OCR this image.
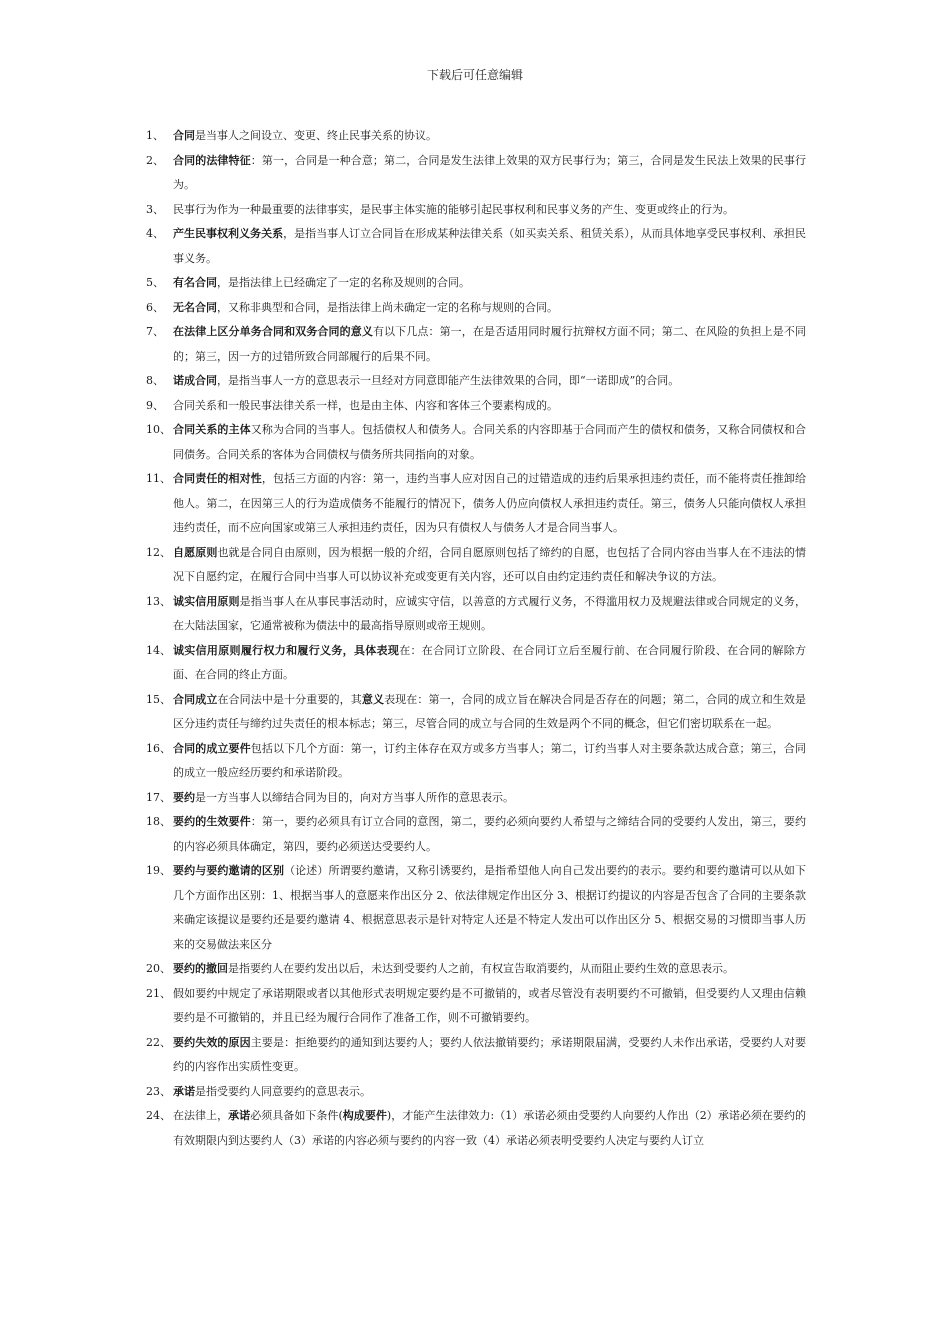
下载后可任意编辑
1、 合同是当事人之间设立、变更、终止民事关系的协议。
2、 合同的法律特征：第一，合同是一种合意；第二，合同是发生法律上效果的双方民事行为；第三，合同是发生民法上效果的民事行为。
3、 民事行为作为一种最重要的法律事实，是民事主体实施的能够引起民事权利和民事义务的产生、变更或终止的行为。
4、 产生民事权利义务关系，是指当事人订立合同旨在形成某种法律关系（如买卖关系、租赁关系），从而具体地享受民事权利、承担民事义务。
5、 有名合同，是指法律上已经确定了一定的名称及规则的合同。
6、 无名合同，又称非典型和合同，是指法律上尚未确定一定的名称与规则的合同。
7、 在法律上区分单务合同和双务合同的意义有以下几点：第一，在是否适用同时履行抗辩权方面不同；第二、在风险的负担上是不同的；第三，因一方的过错所致合同部履行的后果不同。
8、 诺成合同，是指当事人一方的意思表示一旦经对方同意即能产生法律效果的合同，即“一诺即成”的合同。
9、 合同关系和一般民事法律关系一样，也是由主体、内容和客体三个要素构成的。
10、 合同关系的主体又称为合同的当事人。包括债权人和债务人。合同关系的内容即基于合同而产生的债权和债务，又称合同债权和合同债务。合同关系的客体为合同债权与债务所共同指向的对象。
11、 合同责任的相对性，包括三方面的内容：第一，违约当事人应对因自己的过错造成的违约后果承担违约责任，而不能将责任推卸给他人。第二，在因第三人的行为造成债务不能履行的情况下，债务人仍应向债权人承担违约责任。第三，债务人只能向债权人承担违约责任，而不应向国家或第三人承担违约责任，因为只有债权人与债务人才是合同当事人。
12、 自愿原则也就是合同自由原则，因为根据一般的介绍，合同自愿原则包括了缔约的自愿，也包括了合同内容由当事人在不违法的情况下自愿约定，在履行合同中当事人可以协议补充或变更有关内容，还可以自由约定违约责任和解决争议的方法。
13、 诚实信用原则是指当事人在从事民事活动时，应诚实守信，以善意的方式履行义务，不得滥用权力及规避法律或合同规定的义务，在大陆法国家，它通常被称为债法中的最高指导原则或帝王规则。
14、 诚实信用原则履行权力和履行义务，具体表现在：在合同订立阶段、在合同订立后至履行前、在合同履行阶段、在合同的解除方面、在合同的终止方面。
15、 合同成立在合同法中是十分重要的，其意义表现在：第一，合同的成立旨在解决合同是否存在的问题；第二，合同的成立和生效是区分违约责任与缔约过失责任的根本标志；第三，尽管合同的成立与合同的生效是两个不同的概念，但它们密切联系在一起。
16、 合同的成立要件包括以下几个方面：第一，订约主体存在双方或多方当事人；第二，订约当事人对主要条款达成合意；第三，合同的成立一般应经历要约和承诺阶段。
17、 要约是一方当事人以缔结合同为目的，向对方当事人所作的意思表示。
18、 要约的生效要件：第一，要约必须具有订立合同的意图，第二，要约必须向要约人希望与之缔结合同的受要约人发出，第三，要约的内容必须具体确定，第四，要约必须送达受要约人。
19、 要约与要约邀请的区别（论述）所谓要约邀请，又称引诱要约，是指希望他人向自己发出要约的表示。要约和要约邀请可以从如下几个方面作出区别：1、根据当事人的意愿来作出区分 2、依法律规定作出区分 3、根据订约提议的内容是否包含了合同的主要条款来确定该提议是要约还是要约邀请 4、根据意思表示是针对特定人还是不特定人发出可以作出区分 5、根据交易的习惯即当事人历来的交易做法来区分
20、 要约的撤回是指要约人在要约发出以后，未达到受要约人之前，有权宣告取消要约，从而阻止要约生效的意思表示。
21、 假如要约中规定了承诺期限或者以其他形式表明规定要约是不可撤销的，或者尽管没有表明要约不可撤销，但受要约人又理由信赖要约是不可撤销的，并且已经为履行合同作了准备工作，则不可撤销要约。
22、 要约失效的原因主要是：拒绝要约的通知到达要约人；要约人依法撤销要约；承诺期限届满，受要约人未作出承诺，受要约人对要约的内容作出实质性变更。
23、 承诺是指受要约人同意要约的意思表示。
24、 在法律上，承诺必须具备如下条件(构成要件)，才能产生法律效力:（1）承诺必须由受要约人向要约人作出（2）承诺必须在要约的有效期限内到达要约人（3）承诺的内容必须与要约的内容一致（4）承诺必须表明受要约人决定与要约人订立
